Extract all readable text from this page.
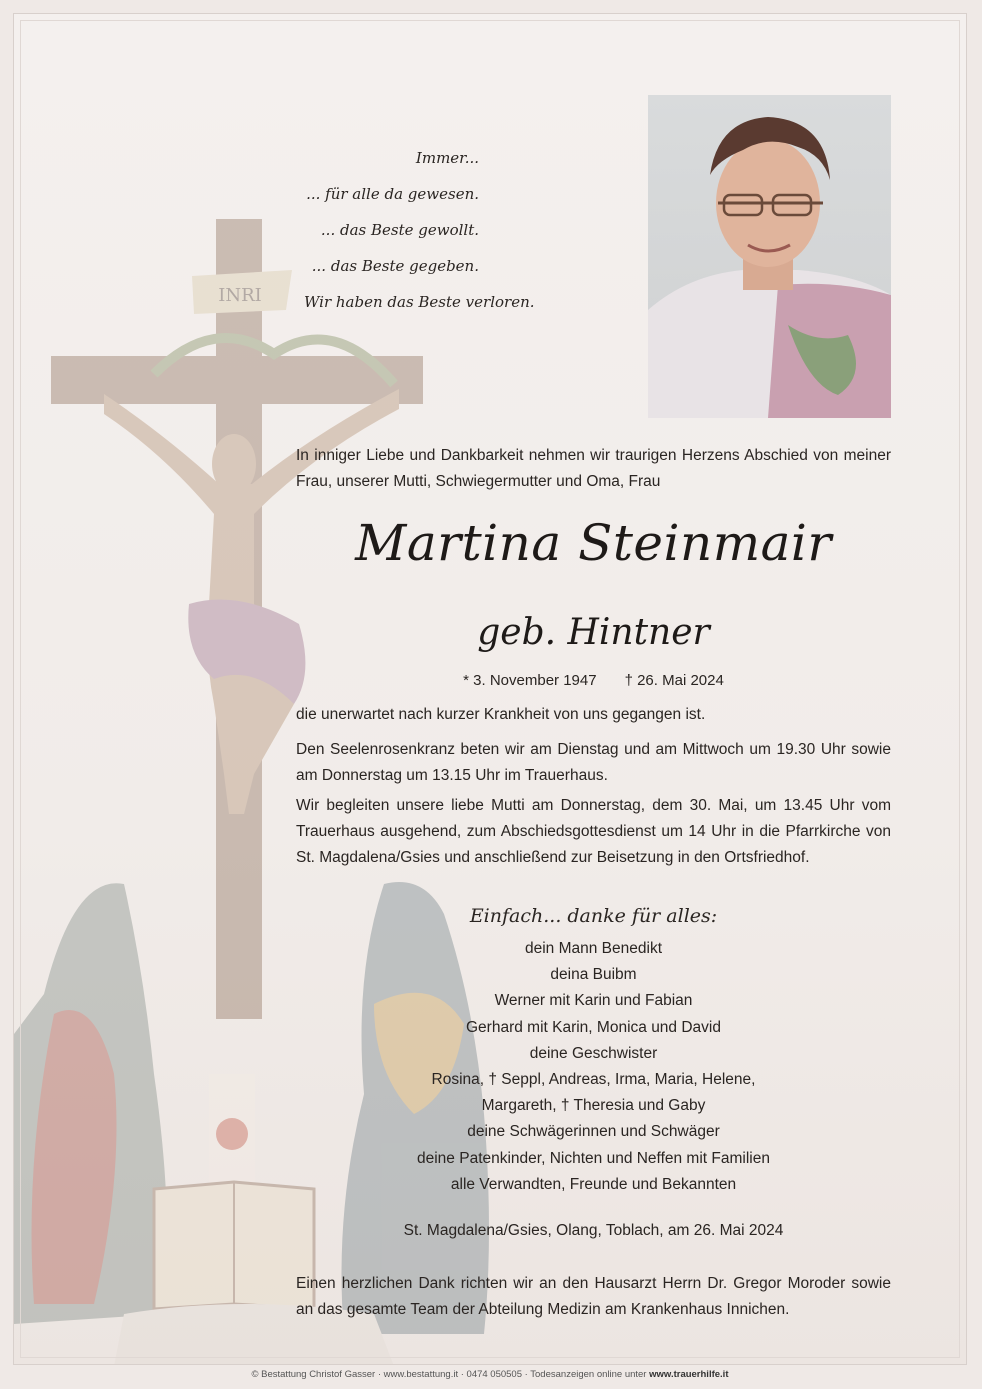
INRI
Immer...
... für alle da gewesen.
... das Beste gewollt.
... das Beste gegeben.
Wir haben das Beste verloren.
In inniger Liebe und Dankbarkeit nehmen wir traurigen Herzens Abschied von meiner Frau, unserer Mutti, Schwiegermutter und Oma, Frau
Martina Steinmair
geb. Hintner
* 3. November 1947 † 26. Mai 2024
die unerwartet nach kurzer Krankheit von uns gegangen ist.
Den Seelenrosenkranz beten wir am Dienstag und am Mittwoch um 19.30 Uhr sowie am Donnerstag um 13.15 Uhr im Trauerhaus.
Wir begleiten unsere liebe Mutti am Donnerstag, dem 30. Mai, um 13.45 Uhr vom Trauerhaus ausgehend, zum Abschiedsgottesdienst um 14 Uhr in die Pfarrkirche von St. Magdalena/Gsies und anschließend zur Beisetzung in den Ortsfriedhof.
Einfach... danke für alles:
dein Mann Benedikt
deina Buibm
Werner mit Karin und Fabian
Gerhard mit Karin, Monica und David
deine Geschwister
Rosina, † Seppl, Andreas, Irma, Maria, Helene,
Margareth, † Theresia und Gaby
deine Schwägerinnen und Schwäger
deine Patenkinder, Nichten und Neffen mit Familien
alle Verwandten, Freunde und Bekannten
St. Magdalena/Gsies, Olang, Toblach, am 26. Mai 2024
Einen herzlichen Dank richten wir an den Hausarzt Herrn Dr. Gregor Moroder sowie an das gesamte Team der Abteilung Medizin am Krankenhaus Innichen.
© Bestattung Christof Gasser · www.bestattung.it · 0474 050505 · Todesanzeigen online unter www.trauerhilfe.it
